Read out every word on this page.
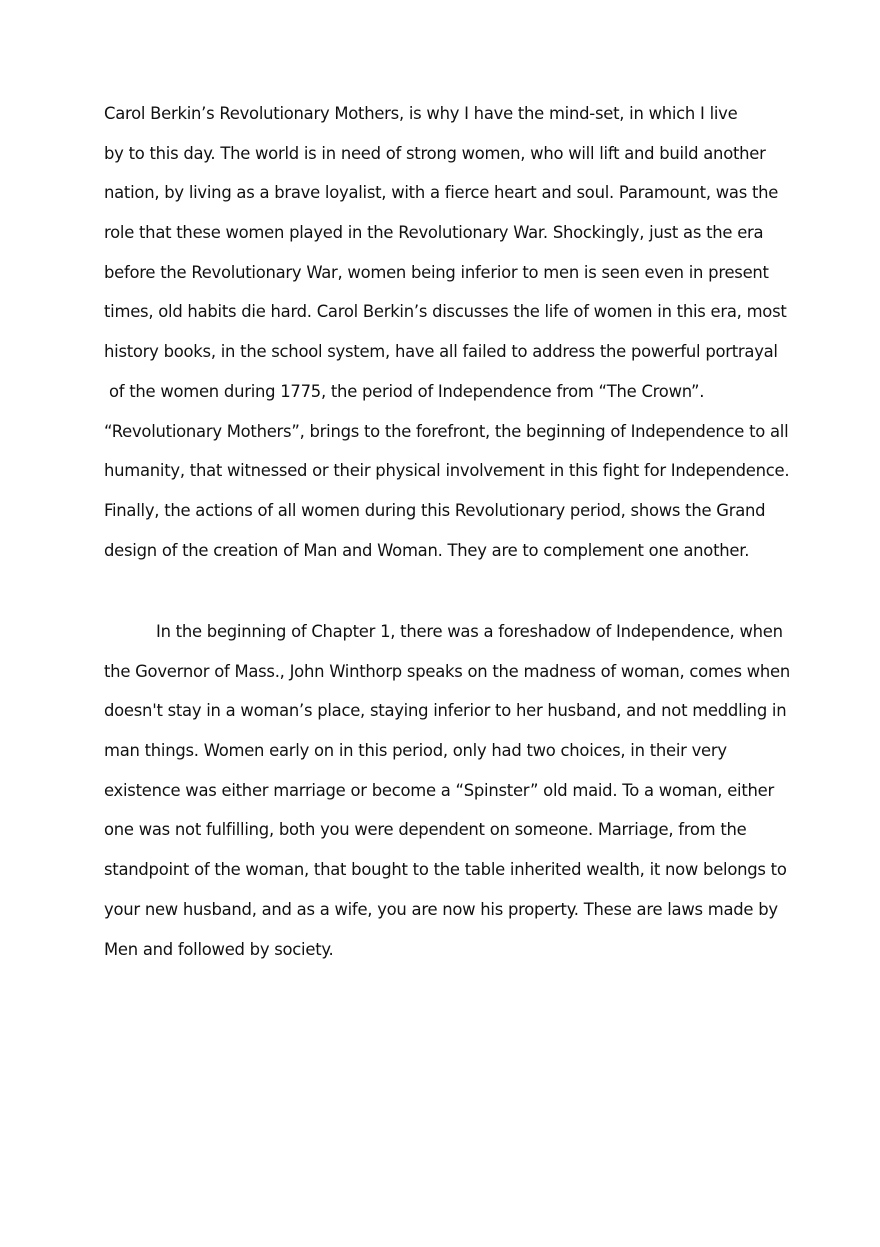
Carol Berkin’s Revolutionary Mothers, is why I have the mind-set, in which I live
by to this day. The world is in need of strong women, who will lift and build another
nation, by living as a brave loyalist, with a fierce heart and soul. Paramount, was the
role that these women played in the Revolutionary War. Shockingly, just as the era
before the Revolutionary War, women being inferior to men is seen even in present
times, old habits die hard. Carol Berkin’s discusses the life of women in this era, most
history books, in the school system, have all failed to address the powerful portrayal
of the women during 1775, the period of Independence from “The Crown”.
“Revolutionary Mothers”, brings to the forefront, the beginning of Independence to all
humanity, that witnessed or their physical involvement in this fight for Independence.
Finally, the actions of all women during this Revolutionary period, shows the Grand
design of the creation of Man and Woman. They are to complement one another.
In the beginning of Chapter 1, there was a foreshadow of Independence, when
the Governor of Mass., John Winthorp speaks on the madness of woman, comes when
doesn't stay in a woman’s place, staying inferior to her husband, and not meddling in
man things. Women early on in this period, only had two choices, in their very
existence was either marriage or become a “Spinster” old maid. To a woman, either
one was not fulfilling, both you were dependent on someone. Marriage, from the
standpoint of the woman, that bought to the table inherited wealth, it now belongs to
your new husband, and as a wife, you are now his property. These are laws made by
Men and followed by society.
